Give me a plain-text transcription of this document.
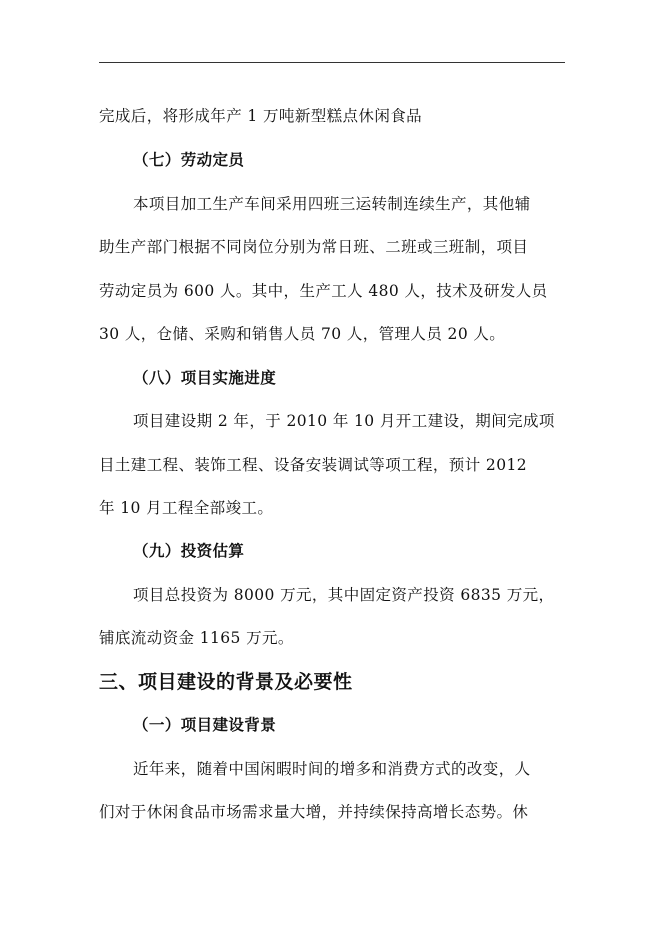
完成后，将形成年产 1 万吨新型糕点休闲食品
（七）劳动定员
本项目加工生产车间采用四班三运转制连续生产，其他辅
助生产部门根据不同岗位分别为常日班、二班或三班制，项目
劳动定员为 600 人。其中，生产工人 480 人，技术及研发人员
30 人，仓储、采购和销售人员 70 人，管理人员 20 人。
（八）项目实施进度
项目建设期 2 年，于 2010 年 10 月开工建设，期间完成项
目土建工程、装饰工程、设备安装调试等项工程，预计 2012
年 10 月工程全部竣工。
（九）投资估算
项目总投资为 8000 万元，其中固定资产投资 6835 万元，
铺底流动资金 1165 万元。
三、项目建设的背景及必要性
（一）项目建设背景
近年来，随着中国闲暇时间的增多和消费方式的改变，人
们对于休闲食品市场需求量大增，并持续保持高增长态势。休
